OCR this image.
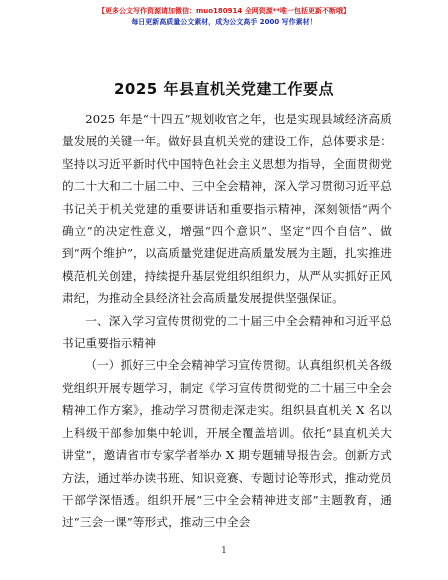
【更多公文写作资源请加微信：muo180914 全网资源**唯一包括更新不断哦】
每日更新高质量公文素材，成为公文高手 2000 写作素材！
2025 年县直机关党建工作要点

2025 年是“十四五”规划收官之年，也是实现县域经济高质量发展的关键一年。做好县直机关党的建设工作，总体要求是：坚持以习近平新时代中国特色社会主义思想为指导，全面贯彻党的二十大和二十届二中、三中全会精神，深入学习贯彻习近平总书记关于机关党建的重要讲话和重要指示精神，深刻领悟“两个确立”的决定性意义，增强“四个意识”、坚定“四个自信”、做到“两个维护”，以高质量党建促进高质量发展为主题，扎实推进模范机关创建，持续提升基层党组织组织力，从严从实抓好正风肃纪，为推动全县经济社会高质量发展提供坚强保证。

一、深入学习宣传贯彻党的二十届三中全会精神和习近平总书记重要指示精神

（一）抓好三中全会精神学习宣传贯彻。认真组织机关各级党组织开展专题学习，制定《学习宣传贯彻党的二十届三中全会精神工作方案》，推动学习贯彻走深走实。组织县直机关 X 名以上科级干部参加集中轮训，开展全覆盖培训。依托“县直机关大讲堂”，邀请省市专家学者举办 X 期专题辅导报告会。创新方式方法，通过举办读书班、知识竞赛、专题讨论等形式，推动党员干部学深悟透。组织开展“三中全会精神进支部”主题教育，通过“三会一课”等形式，推动三中全会

1
